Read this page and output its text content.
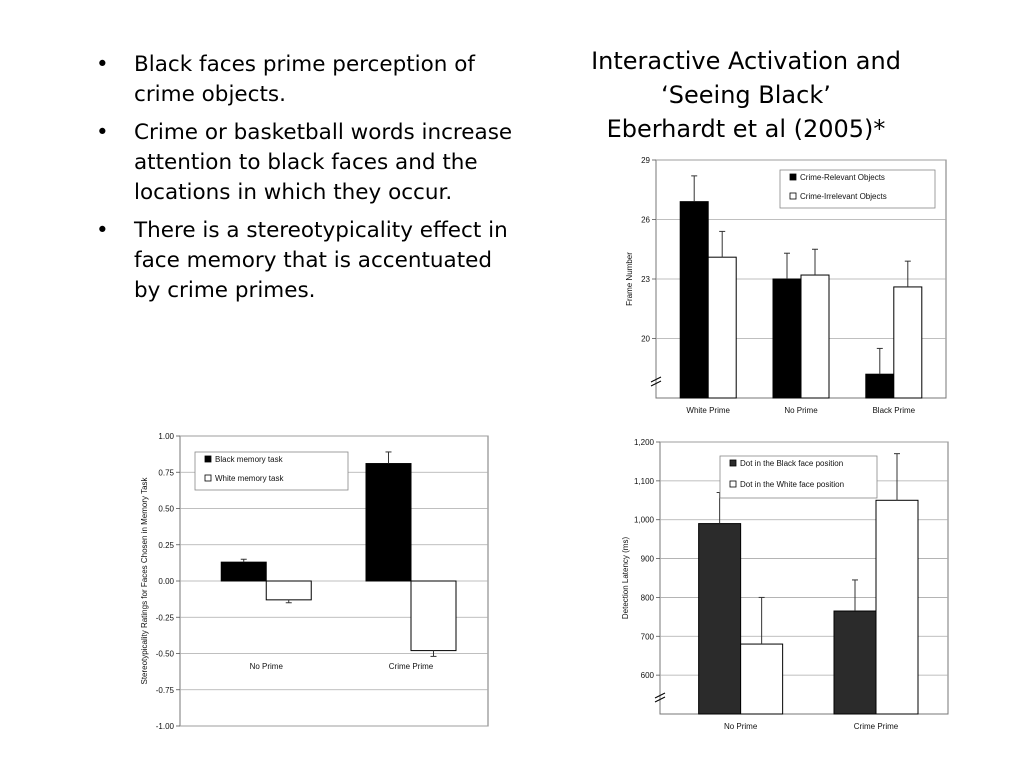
• Black faces prime perception of crime objects.
• Crime or basketball words increase attention to black faces and the locations in which they occur.
• There is a stereotypicality effect in face memory that is accentuated by crime primes.
Interactive Activation and
‘Seeing Black’
Eberhardt et al (2005)*
20
23
26
29
White Prime	No Prime	Black Prime
Frame Number
Crime-Relevant Objects
Crime-Irrelevant Objects
1.00
0.75
0.50
0.25
0.00
-0.25
-0.50
-0.75
-1.00
No Prime	Crime Prime
Stereotypicality Ratings for Faces Chosen in Memory Task
Black memory task
White memory task
600
700
800
900
1,000
1,100
1,200
No Prime	Crime Prime
Detection Latency (ms)
Dot in the Black face position
Dot in the White face position
